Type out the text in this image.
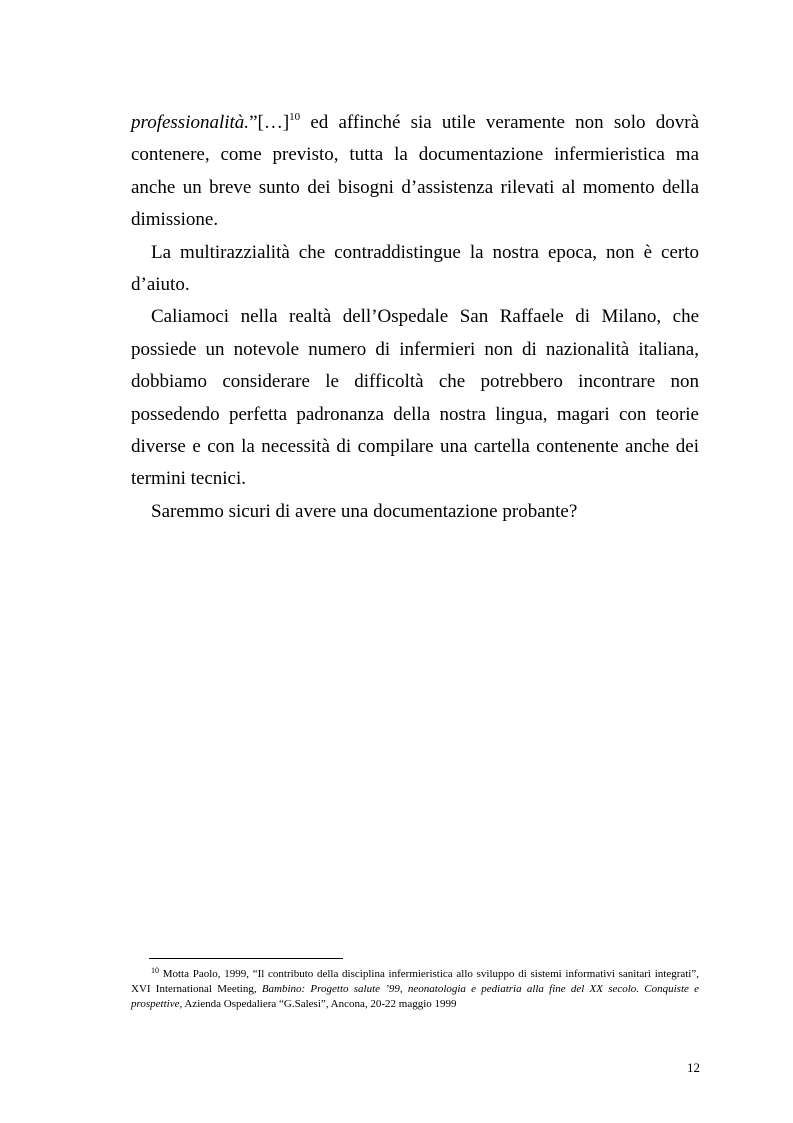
professionalità.”[…]$^{10}$ ed affinché sia utile veramente non solo dovrà contenere, come previsto, tutta la documentazione infermieristica ma anche un breve sunto dei bisogni d’assistenza rilevati al momento della dimissione.

La multirazzialità che contraddistingue la nostra epoca, non è certo d’aiuto.

Caliamoci nella realtà dell’Ospedale San Raffaele di Milano, che possiede un notevole numero di infermieri non di nazionalità italiana, dobbiamo considerare le difficoltà che potrebbero incontrare non possedendo perfetta padronanza della nostra lingua, magari con teorie diverse e con la necessità di compilare una cartella contenente anche dei termini tecnici.

Saremmo sicuri di avere una documentazione probante?

$^{10}$ Motta Paolo, 1999, “Il contributo della disciplina infermieristica allo sviluppo di sistemi informativi sanitari integrati”, XVI International Meeting, Bambino: Progetto salute ’99, neonatologia e pediatria alla fine del XX secolo. Conquiste e prospettive, Azienda Ospedaliera “G.Salesi”, Ancona, 20-22 maggio 1999

12
